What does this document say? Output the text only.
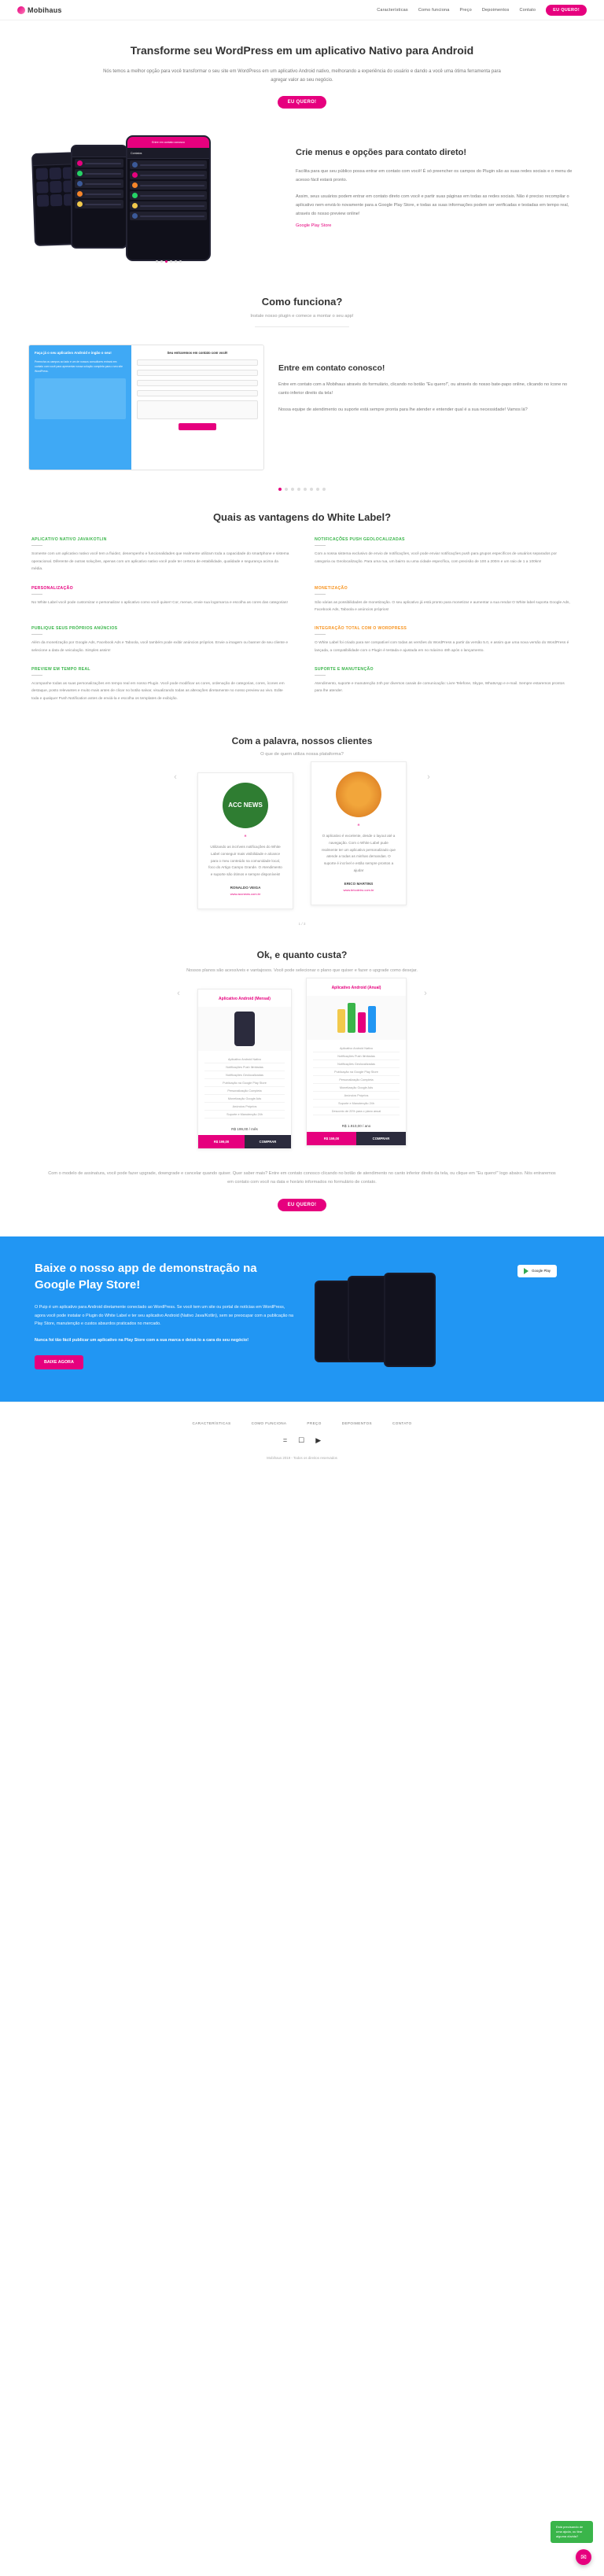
Mobihaus	Características Como funciona Preço Depoimentos Contato	EU QUERO!
Transforme seu WordPress em um aplicativo Nativo para Android

Nós temos a melhor opção para você transformar o seu site em WordPress em um aplicativo Android nativo, melhorando a experiência do usuário e dando a você uma ótima ferramenta para agregar valor ao seu negócio.

EU QUERO!
Entre em contato conosco
Contatos	Crie menus e opções para contato direto!

Facilita para que seu público possa entrar em contato com você! É só preencher os campos do Plugin são as suas redes sociais e o menu de acesso fácil estará pronto.

Assim, seus usuários podem entrar em contato direto com você e partir suas páginas em todas as redes sociais. Não é preciso recompilar o aplicativo nem enviá-lo novamente para a Google Play Store, e todas as suas informações podem ser verificadas e testadas em tempo real, através do nosso preview online!

Google Play Store

Como funciona?

Instale nosso plugin e comece a montar o seu app!

Faça já o seu aplicativo Android e ingâo o seu!

Preencha os campos ao lado e um de nossos consultores entrará em contato com você para apresentar nossa solução completa para o seu site WordPress.

Seu entraremos em contato com você!
Entre em contato conosco!

Entre em contato com a Mobihaus através do formulário, clicando no botão "Eu quero!", ou através do nosso bate-papo online, clicando no ícone no canto inferior direito da tela!

Nossa equipe de atendimento ou suporte está sempre pronta para lhe atender e entender qual é a sua necessidade! Vamos lá?

Quais as vantagens do White Label?
APLICATIVO NATIVO JAVA/KOTLIN

Somente com um aplicativo nativo você tem a fluidez, desempenho e funcionalidades que realmente utilizam toda a capacidade do smartphone e sistema operacional. Diferente de outras soluções, apenas com um aplicativo nativo você pode ter certeza de estabilidade, qualidade e segurança acima da média.

NOTIFICAÇÕES PUSH GEOLOCALIZADAS

Com a nossa sistema exclusivo de envio de notificações, você pode enviar notificações push para grupos específicos de usuários separados por categoria ou Geolocalização. Para uma rua, um bairro ou uma cidade específica, com precisão de 100 a 200m e um raio de 1 a 100km!

PERSONALIZAÇÃO

No White Label você pode customizar e personalizar o aplicativo como você quiser! Cor, menus, envie sua logomarca e escolha as cores das categorias!

MONETIZAÇÃO

São várias as possibilidades de monetização. O seu aplicativo já está pronto para monetizar e aumentar a sua renda! O White label suporta Google Ads, Facebook Ads, Taboola e anúncios próprios!

PUBLIQUE SEUS PRÓPRIOS ANÚNCIOS

Além da monetização por Google Ads, Facebook Ads e Taboola, você também pode exibir anúncios próprios. Envie a imagem ou banner de seu cliente e selecione a data de veiculação. Simples assim!

INTEGRAÇÃO TOTAL COM O WORDPRESS

O White Label foi criado para ser compatível com todas as versões do WordPress a partir da versão 5.0, e assim que uma nova versão do WordPress é lançada, a compatibilidade com o Plugin é testada e ajustada em no máximo 48h após o lançamento.

PREVIEW EM TEMPO REAL

Acompanhe todas as suas personalizações em tempo real em nosso Plugin. Você pode modificar as cores, ordenação de categorias, cores, ícones em destaque, posto relevantes e muito mais antes de clicar no botão salvar, visualizando todas as alterações diretamente no nosso preview ao vivo. Edite toda e qualquer Push Notification antes de enviá-la e escolha os templates de exibição.

SUPORTE E MANUTENÇÃO

Atendimento, suporte e manutenção 24h por diversos canais de comunicação: Livre Telefone, Skype, WhatsApp e e-mail. Sempre estaremos prontos para lhe atender.

Com a palavra, nossos clientes

O que de quem utiliza nossa plataforma?

‹
ACC NEWS
“

Utilizando as incríveis notificações do White Label conseguir mais visibilidade e alcance para o meu conteúdo na comunidade local, foco do Artigo Campo Grande. O Atendimento e suporte são ótimos e sempre disponíveis!

RONALDO VEIGA
www.accnews.com.br
“

O aplicativo é excelente, desde o layout até a navegação. Com o White Label pude realmente ter um aplicativo personalizado que atende a todas as minhas demandas. O suporte é incrível e estão sempre prontos a ajudar

ERICO MARTINS
www.bricoleiro.com.br
›
1 / 3
Ok, e quanto custa?

Nossos planos são acessíveis e vantajosos. Você pode selecionar o plano que quiser e fazer o upgrade como desejar.

‹
Aplicativo Android (Mensal)
Aplicativo Android Nativo
Notificações Push Ilimitadas
Notificações Geolocalizadas
Publicação na Google Play Store
Personalização Completa
Monetização Google Ads
Anúncios Próprios
Suporte e Manutenção 24h
R$ 199,00 / mês
R$ 199,00	COMPRAR
Aplicativo Android (Anual)
Aplicativo Android Nativo
Notificações Push Ilimitadas
Notificações Geolocalizadas
Publicação na Google Play Store
Personalização Completa
Monetização Google Ads
Anúncios Próprios
Suporte e Manutenção 24h
Desconto de 20% para o plano anual
R$ 1.910,00 / ano
R$ 159,00	COMPRAR
›

Com o modelo de assinatura, você pode fazer upgrade, downgrade e cancelar quando quiser. Quer saber mais? Entre em contato conosco clicando no botão de atendimento no canto inferior direito da tela, ou clique em "Eu quero!" logo abaixo. Nós entraremos em contato com você na data e horário informados no formulário de contato.

EU QUERO!
Baixe o nosso app de demonstração na Google Play Store!

O Puip é um aplicativo para Android diretamente conectado ao WordPress. Se você tem um site ou portal de notícias em WordPress, agora você pode instalar o Plugin do White Label e ter seu aplicativo Android (Nativo Java/Kotlin), sem se preocupar com a publicação na Play Store, manutenção e custos absurdos praticados no mercado.

Nunca foi tão fácil publicar um aplicativo na Play Store com a sua marca e deixá-lo a cara do seu negócio!

BAIXE AGORA
Google Play
CARACTERÍSTICAS	COMO FUNCIONA	PREÇO	DEPOIMENTOS	CONTATO
= ☐ ▶
Mobihaus 2019 - Todos os direitos reservados
Está precisando de uma ajuda, ou tirar alguma dúvida?
✉
